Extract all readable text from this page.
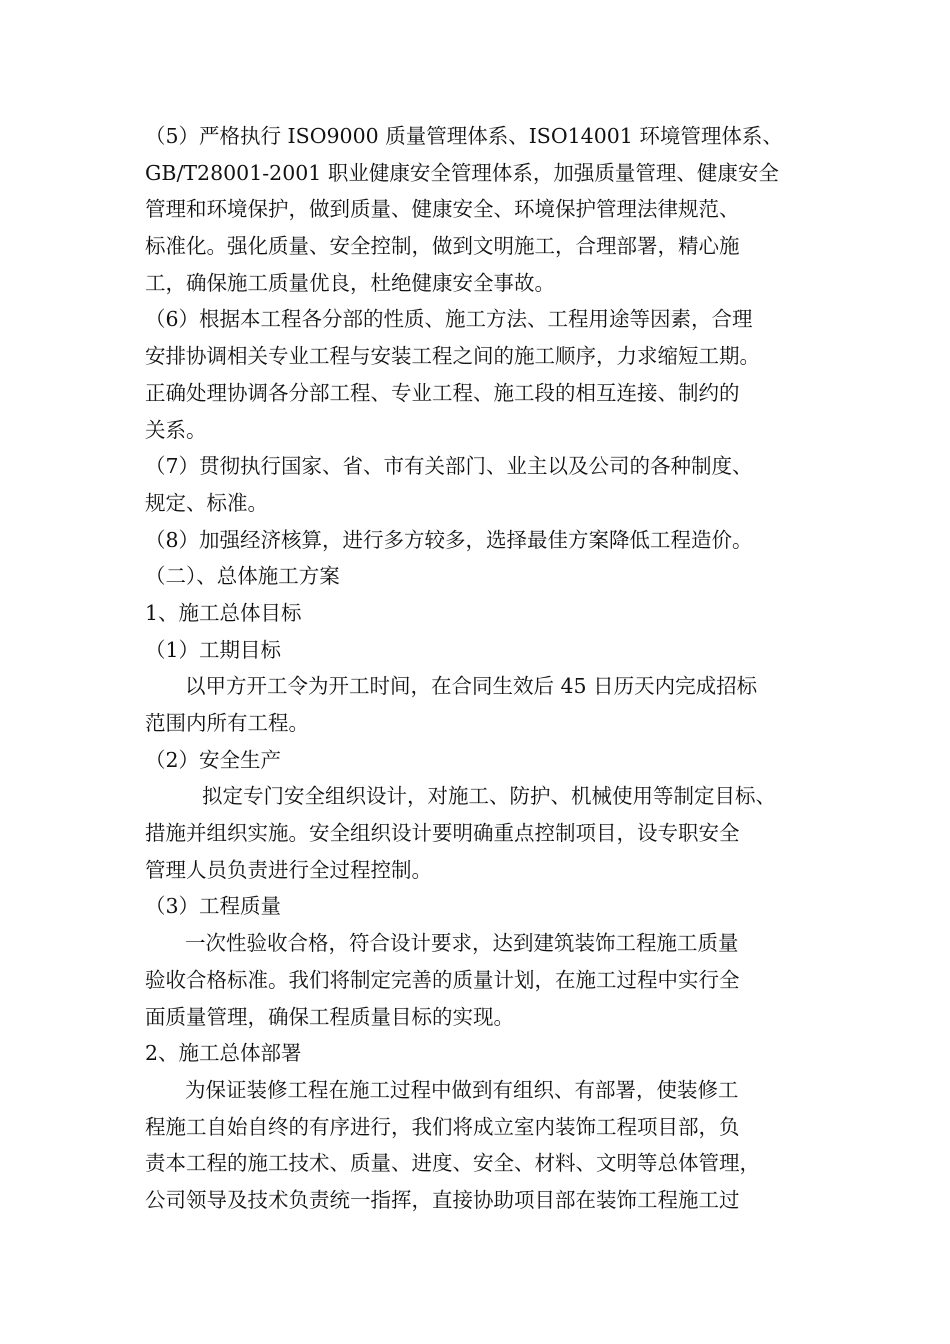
（5）严格执行 ISO9000 质量管理体系、ISO14001 环境管理体系、
GB/T28001-2001 职业健康安全管理体系，加强质量管理、健康安全
管理和环境保护，做到质量、健康安全、环境保护管理法律规范、
标准化。强化质量、安全控制，做到文明施工，合理部署，精心施
工，确保施工质量优良，杜绝健康安全事故。
（6）根据本工程各分部的性质、施工方法、工程用途等因素，合理
安排协调相关专业工程与安装工程之间的施工顺序，力求缩短工期。
正确处理协调各分部工程、专业工程、施工段的相互连接、制约的
关系。
（7）贯彻执行国家、省、市有关部门、业主以及公司的各种制度、
规定、标准。
（8）加强经济核算，进行多方较多，选择最佳方案降低工程造价。
（二）、总体施工方案
1、施工总体目标
（1）工期目标
以甲方开工令为开工时间，在合同生效后 45 日历天内完成招标
范围内所有工程。
（2）安全生产
拟定专门安全组织设计，对施工、防护、机械使用等制定目标、
措施并组织实施。安全组织设计要明确重点控制项目，设专职安全
管理人员负责进行全过程控制。
（3）工程质量
一次性验收合格，符合设计要求，达到建筑装饰工程施工质量
验收合格标准。我们将制定完善的质量计划，在施工过程中实行全
面质量管理，确保工程质量目标的实现。
2、施工总体部署
为保证装修工程在施工过程中做到有组织、有部署，使装修工
程施工自始自终的有序进行，我们将成立室内装饰工程项目部，负
责本工程的施工技术、质量、进度、安全、材料、文明等总体管理，
公司领导及技术负责统一指挥，直接协助项目部在装饰工程施工过
